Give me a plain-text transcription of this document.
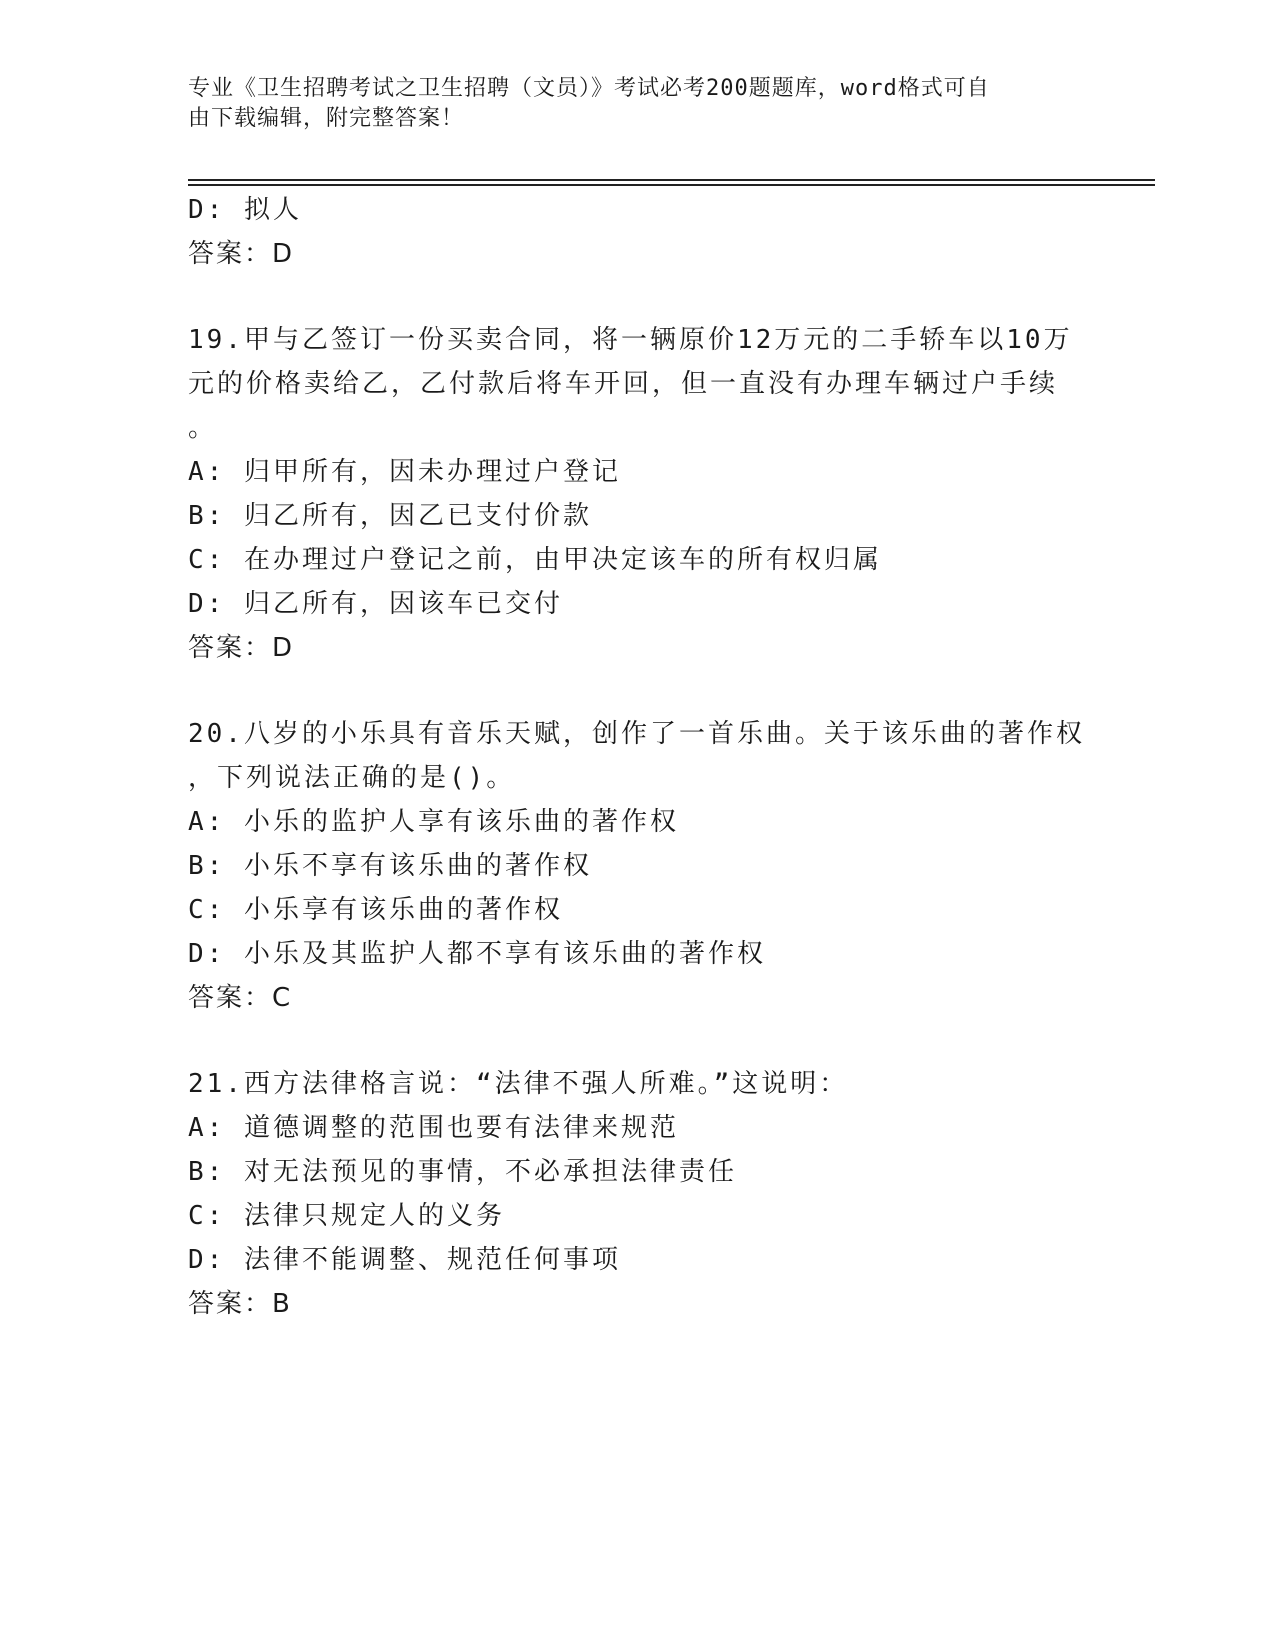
专业《卫生招聘考试之卫生招聘（文员）》考试必考200题题库，word格式可自
由下载编辑，附完整答案！
D: 拟人
答案：D
19.甲与乙签订一份买卖合同，将一辆原价12万元的二手轿车以10万
元的价格卖给乙，乙付款后将车开回，但一直没有办理车辆过户手续
。
A: 归甲所有，因未办理过户登记
B: 归乙所有，因乙已支付价款
C: 在办理过户登记之前，由甲决定该车的所有权归属
D: 归乙所有，因该车已交付
答案：D
20.八岁的小乐具有音乐天赋，创作了一首乐曲。关于该乐曲的著作权
，下列说法正确的是()。
A: 小乐的监护人享有该乐曲的著作权
B: 小乐不享有该乐曲的著作权
C: 小乐享有该乐曲的著作权
D: 小乐及其监护人都不享有该乐曲的著作权
答案：C
21.西方法律格言说：“法律不强人所难。”这说明：
A: 道德调整的范围也要有法律来规范
B: 对无法预见的事情，不必承担法律责任
C: 法律只规定人的义务
D: 法律不能调整、规范任何事项
答案：B
